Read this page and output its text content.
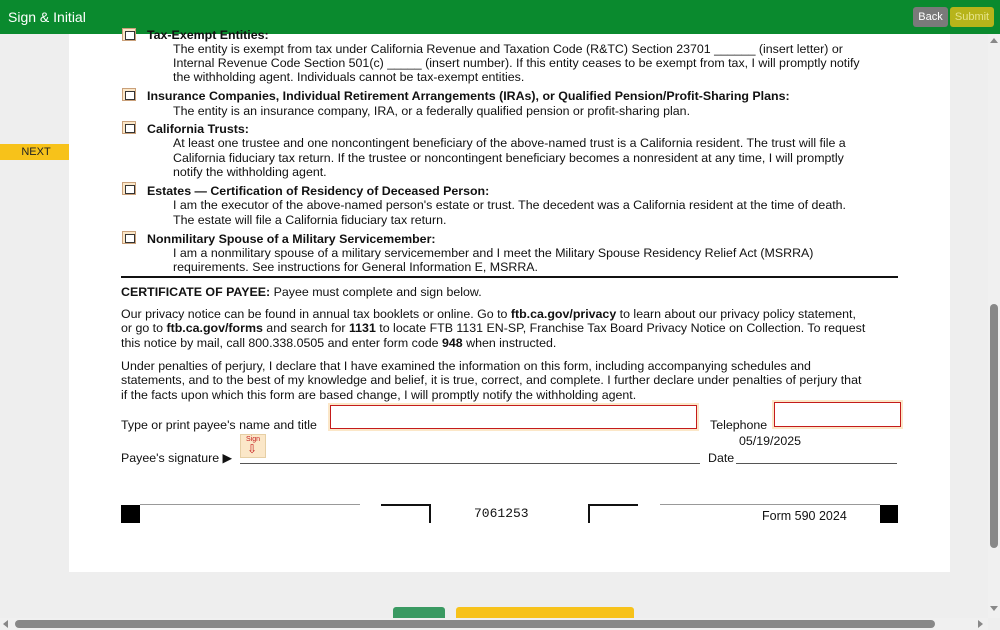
Sign & Initial	Back	Submit
NEXT
Tax-Exempt Entities:
The entity is exempt from tax under California Revenue and Taxation Code (R&TC) Section 23701 ______ (insert letter) or
Internal Revenue Code Section 501(c) _____ (insert number). If this entity ceases to be exempt from tax, I will promptly notify
the withholding agent. Individuals cannot be tax-exempt entities.
Insurance Companies, Individual Retirement Arrangements (IRAs), or Qualified Pension/Profit-Sharing Plans:
The entity is an insurance company, IRA, or a federally qualified pension or profit-sharing plan.
California Trusts:
At least one trustee and one noncontingent beneficiary of the above-named trust is a California resident. The trust will file a
California fiduciary tax return. If the trustee or noncontingent beneficiary becomes a nonresident at any time, I will promptly
notify the withholding agent.
Estates — Certification of Residency of Deceased Person:
I am the executor of the above-named person's estate or trust. The decedent was a California resident at the time of death.
The estate will file a California fiduciary tax return.
Nonmilitary Spouse of a Military Servicemember:
I am a nonmilitary spouse of a military servicemember and I meet the Military Spouse Residency Relief Act (MSRRA)
requirements. See instructions for General Information E, MSRRA.
CERTIFICATE OF PAYEE: Payee must complete and sign below.
Our privacy notice can be found in annual tax booklets or online. Go to ftb.ca.gov/privacy to learn about our privacy policy statement,
or go to ftb.ca.gov/forms and search for 1131 to locate FTB 1131 EN-SP, Franchise Tax Board Privacy Notice on Collection. To request
this notice by mail, call 800.338.0505 and enter form code 948 when instructed.
Under penalties of perjury, I declare that I have examined the information on this form, including accompanying schedules and
statements, and to the best of my knowledge and belief, it is true, correct, and complete. I further declare under penalties of perjury that
if the facts upon which this form are based change, I will promptly notify the withholding agent.
Type or print payee's name and title	Telephone
05/19/2025
Payee's signature ▶
Sign
⇩
Date
7061253	Form 590 2024
